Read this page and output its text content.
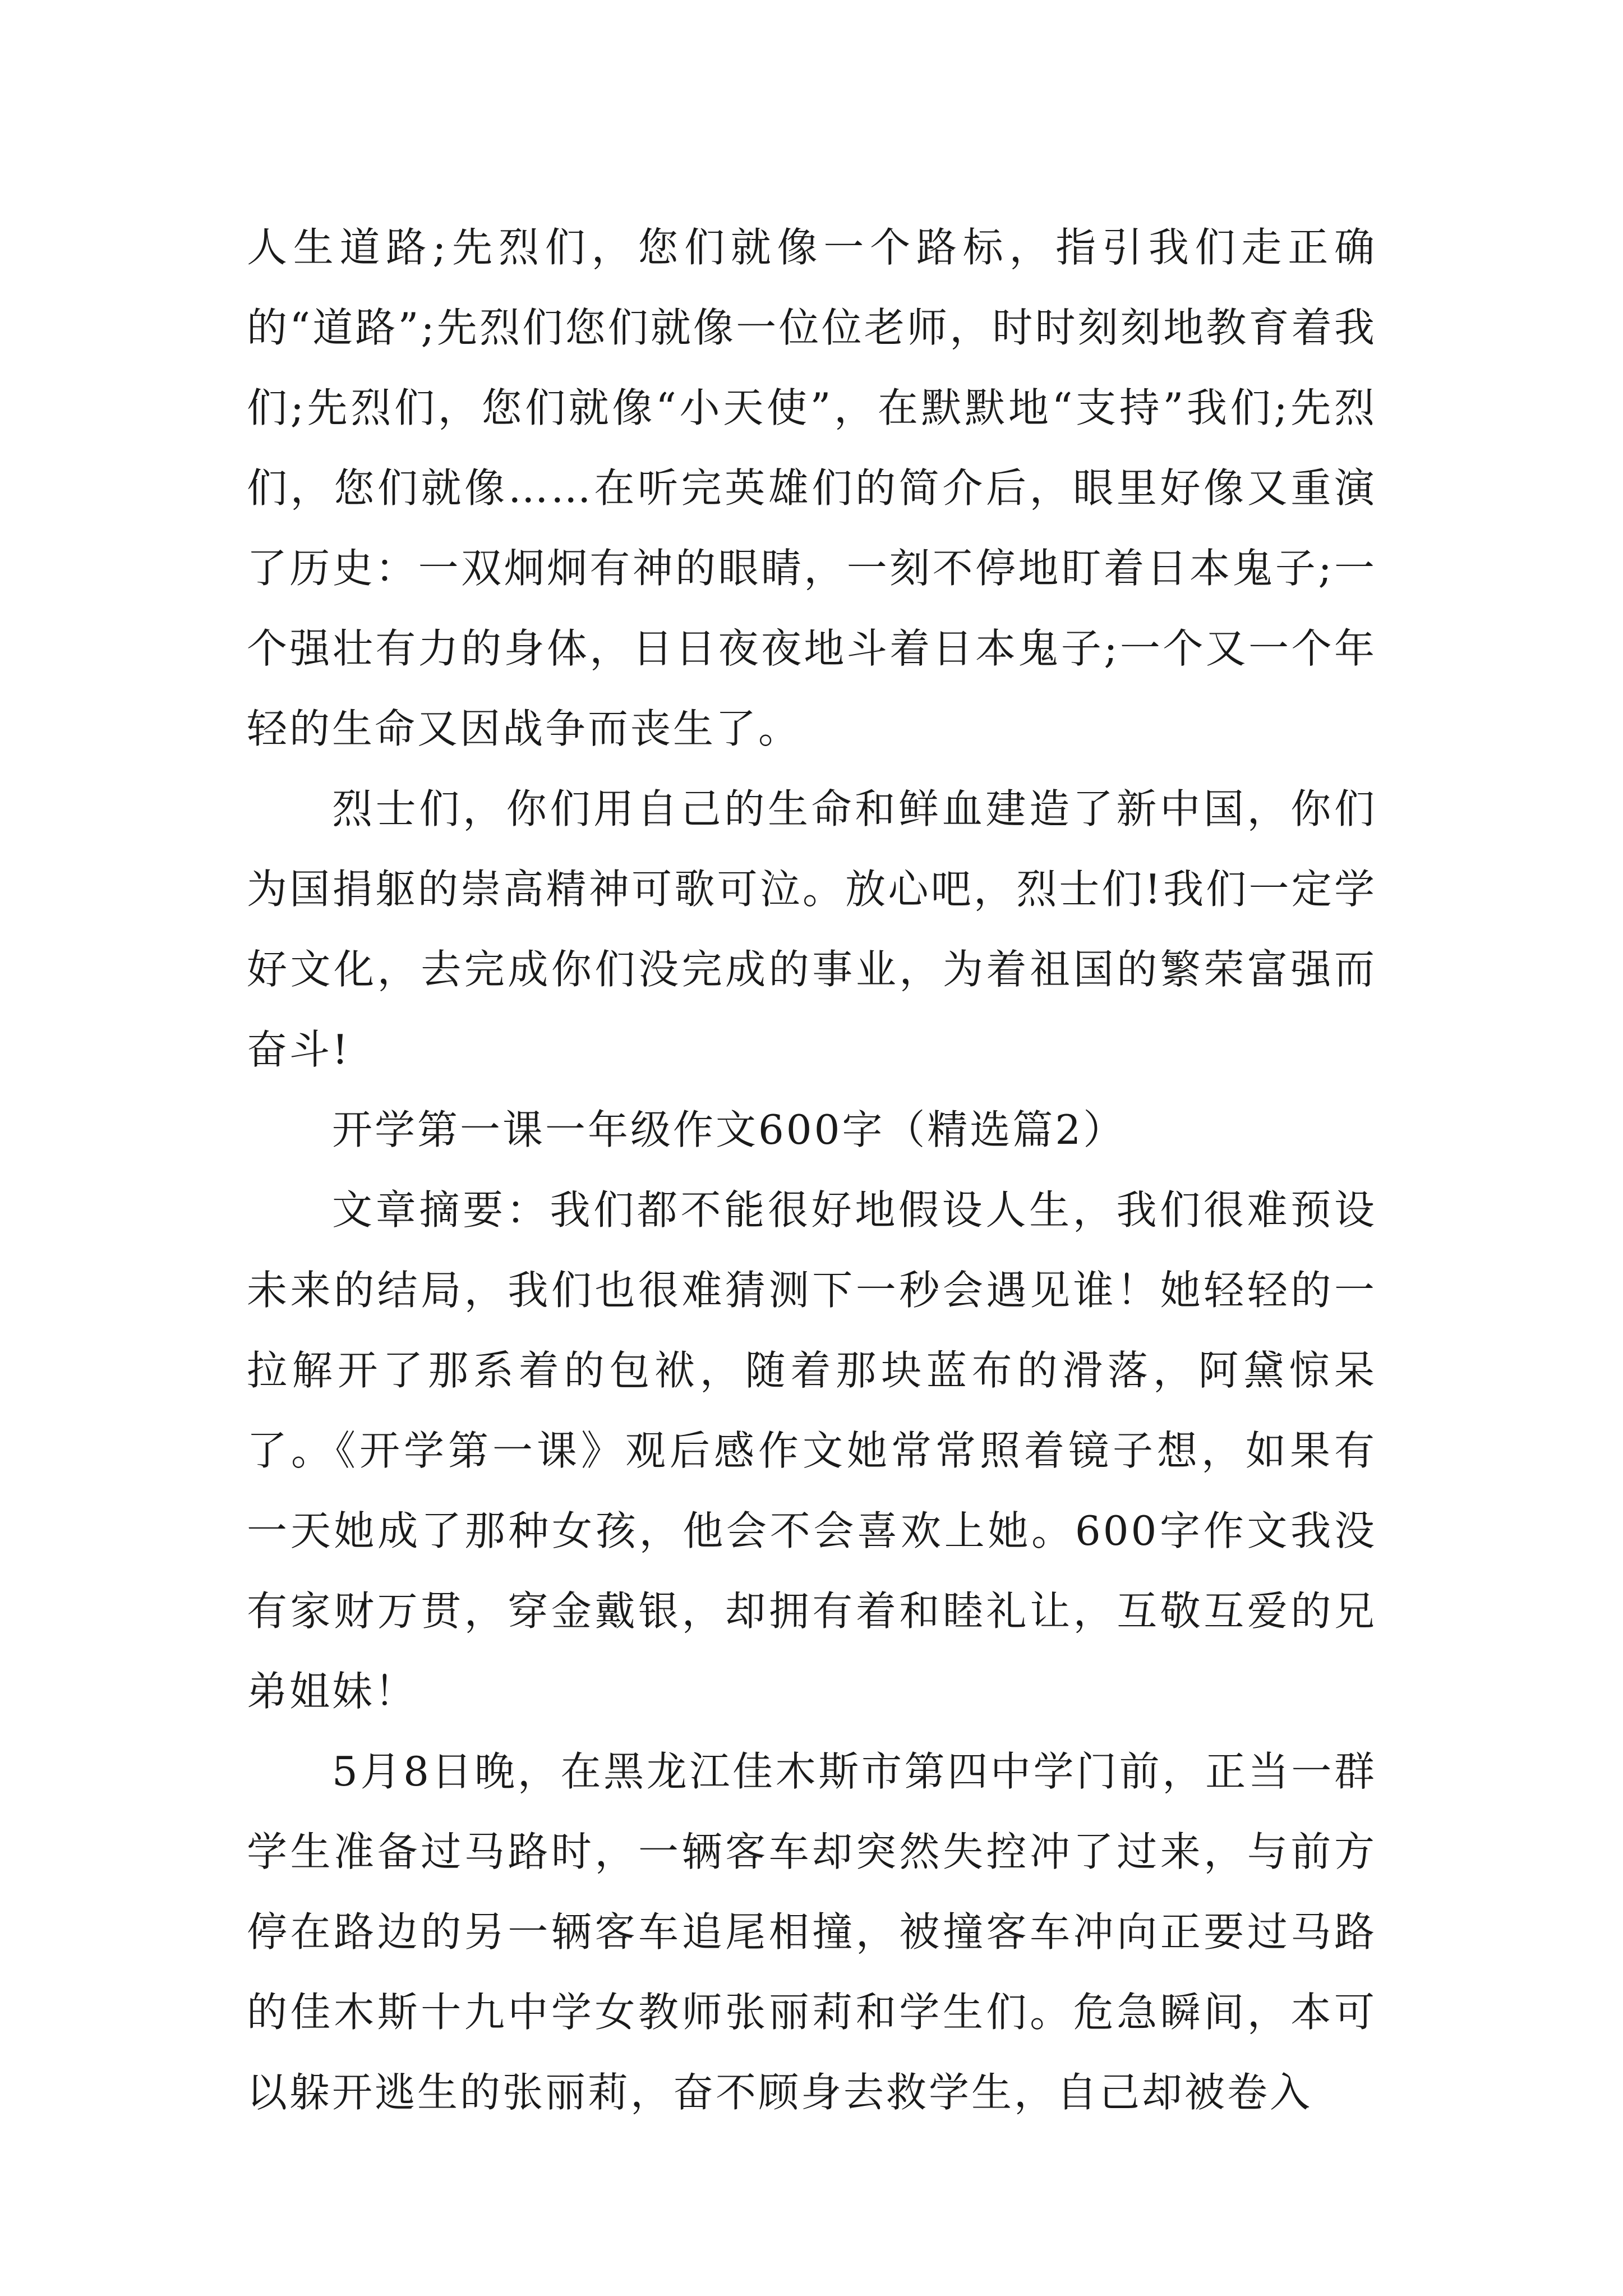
人生道路;先烈们，您们就像一个路标，指引我们走正确的“道路”;先烈们您们就像一位位老师，时时刻刻地教育着我们;先烈们，您们就像“小天使”，在默默地“支持”我们;先烈们，您们就像……在听完英雄们的简介后，眼里好像又重演了历史：一双炯炯有神的眼睛，一刻不停地盯着日本鬼子;一个强壮有力的身体，日日夜夜地斗着日本鬼子;一个又一个年轻的生命又因战争而丧生了。

烈士们，你们用自己的生命和鲜血建造了新中国，你们为国捐躯的崇高精神可歌可泣。放心吧，烈士们!我们一定学好文化，去完成你们没完成的事业，为着祖国的繁荣富强而奋斗!

开学第一课一年级作文600字（精选篇2）

文章摘要：我们都不能很好地假设人生，我们很难预设未来的结局，我们也很难猜测下一秒会遇见谁！她轻轻的一拉解开了那系着的包袱，随着那块蓝布的滑落，阿黛惊呆了。《开学第一课》观后感作文她常常照着镜子想，如果有一天她成了那种女孩，他会不会喜欢上她。600字作文我没有家财万贯，穿金戴银，却拥有着和睦礼让，互敬互爱的兄弟姐妹！

5月8日晚，在黑龙江佳木斯市第四中学门前，正当一群学生准备过马路时，一辆客车却突然失控冲了过来，与前方停在路边的另一辆客车追尾相撞，被撞客车冲向正要过马路的佳木斯十九中学女教师张丽莉和学生们。危急瞬间，本可以躲开逃生的张丽莉，奋不顾身去救学生，自己却被卷入
